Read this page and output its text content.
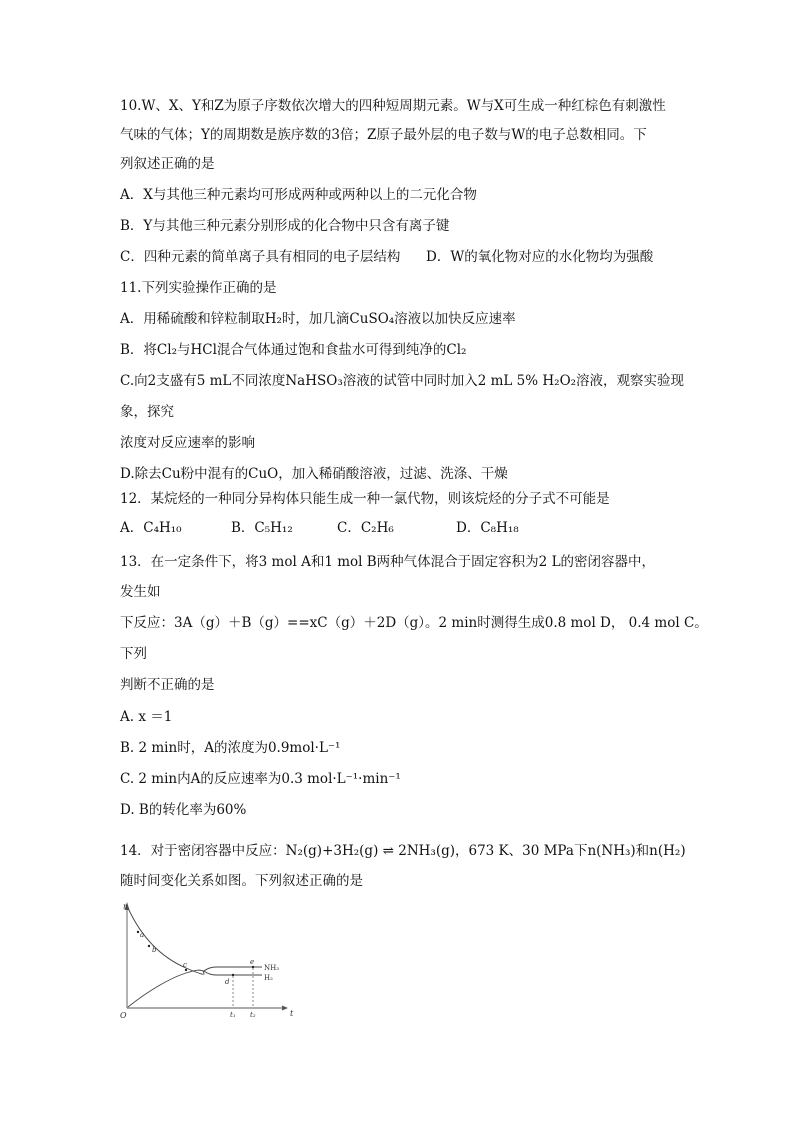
10.W、X、Y和Z为原子序数依次增大的四种短周期元素。W与X可生成一种红棕色有刺激性
气味的气体；Y的周期数是族序数的3倍；Z原子最外层的电子数与W的电子总数相同。下
列叙述正确的是
A．X与其他三种元素均可形成两种或两种以上的二元化合物
B．Y与其他三种元素分别形成的化合物中只含有离子键
C．四种元素的简单离子具有相同的电子层结构 D．W的氧化物对应的水化物均为强酸
11.下列实验操作正确的是
A．用稀硫酸和锌粒制取H₂时，加几滴CuSO₄溶液以加快反应速率
B．将Cl₂与HCl混合气体通过饱和食盐水可得到纯净的Cl₂
C.向2支盛有5 mL不同浓度NaHSO₃溶液的试管中同时加入2 mL 5% H₂O₂溶液，观察实验现
象，探究
浓度对反应速率的影响
D.除去Cu粉中混有的CuO，加入稀硝酸溶液，过滤、洗涤、干燥
12．某烷烃的一种同分异构体只能生成一种一氯代物，则该烷烃的分子式不可能是
A．C₄H₁₀	B．C₅H₁₂	C．C₂H₆	D．C₈H₁₈
13．在一定条件下，将3 mol A和1 mol B两种气体混合于固定容积为2 L的密闭容器中，
发生如
下反应：3A（g）＋B（g）==xC（g）＋2D（g）。2 min时测得生成0.8 mol D， 0.4 mol C。
下列
判断不正确的是
A. x ＝1
B. 2 min时，A的浓度为0.9mol·L⁻¹
C. 2 min内A的反应速率为0.3 mol·L⁻¹·min⁻¹
D. B的转化率为60%
14．对于密闭容器中反应：N₂(g)+3H₂(g) ⇌ 2NH₃(g)，673 K、30 MPa下n(NH₃)和n(H₂)
随时间变化关系如图。下列叙述正确的是
n
t
O
a
b
c
d
e
NH₃
H₂
t₁ t₂
